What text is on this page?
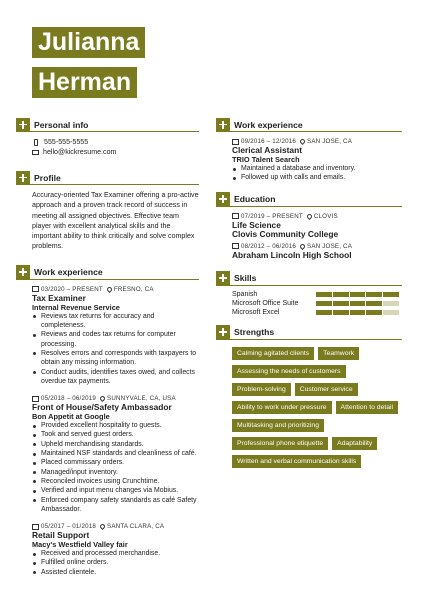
Julianna
Herman
Personal info
555-555-5555
hello@kickresume.com
Profile
Accuracy-oriented Tax Examiner offering a pro-active approach and a proven track record of success in meeting all assigned objectives. Effective team player with excellent analytical skills and the important ability to think critically and solve complex problems.
Work experience
03/2020 – PRESENT FRESNO, CA
Tax Examiner
Internal Revenue Service
Reviews tax returns for accuracy and completeness.
Reviews and codes tax returns for computer processing.
Resolves errors and corresponds with taxpayers to obtain any missing information.
Conduct audits, identifies taxes owed, and collects overdue tax payments.
05/2018 – 06/2019 SUNNYVALE, CA, USA
Front of House/Safety Ambassador
Bon Appetit at Google
Provided excellent hospitality to guests.
Took and served guest orders.
Upheld merchandising standards.
Maintained NSF standards and cleanliness of café.
Placed commissary orders.
Managed/input inventory.
Reconciled invoices using Crunchtime.
Verified and input menu changes via Mobius.
Enforced company safety standards as café Safety Ambassador.
05/2017 – 01/2018 SANTA CLARA, CA
Retail Support
Macy's Westfield Valley fair
Received and processed merchandise.
Fulfilled online orders.
Assisted clientele.
Work experience
09/2016 – 12/2016 SAN JOSE, CA
Clerical Assistant
TRIO Talent Search
Maintained a database and inventory.
Followed up with calls and emails.
Education
07/2019 – PRESENT CLOVIS
Life Science
Clovis Community College
08/2012 – 06/2016 SAN JOSE, CA
Abraham Lincoln High School
Skills
Spanish
Microsoft Office Suite
Microsoft Excel
Strengths
Calming agitated clients	Teamwork
Assessing the needs of customers
Problem-solving	Customer service
Ability to work under pressure	Attention to detail
Multitasking and prioritizing
Professional phone etiquette	Adaptability
Written and verbal communication skills
